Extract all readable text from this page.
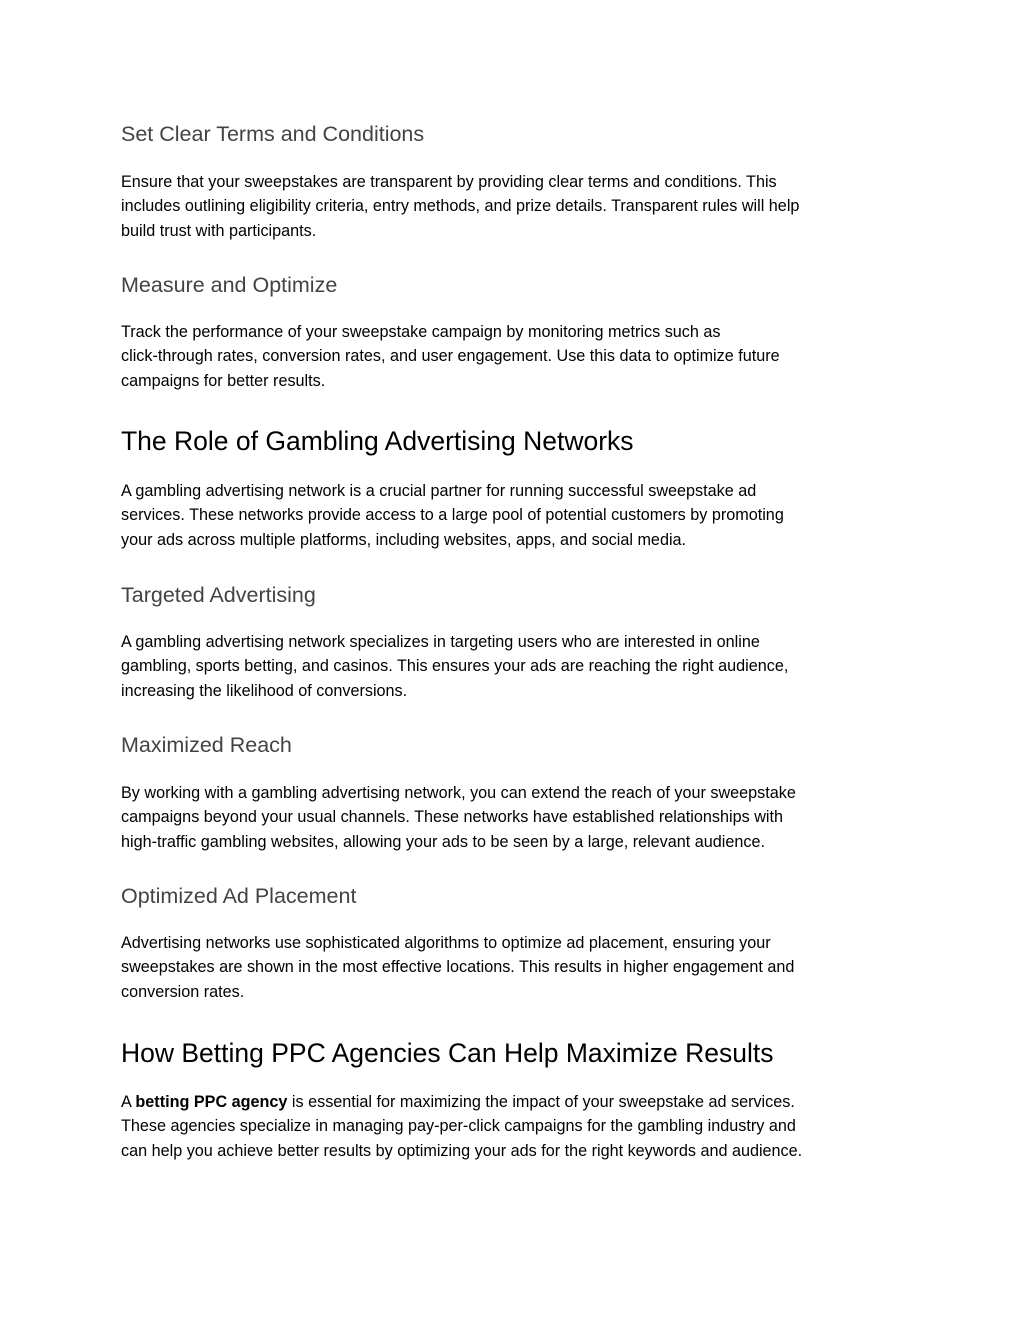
Set Clear Terms and Conditions

Ensure that your sweepstakes are transparent by providing clear terms and conditions. This
includes outlining eligibility criteria, entry methods, and prize details. Transparent rules will help
build trust with participants.

Measure and Optimize

Track the performance of your sweepstake campaign by monitoring metrics such as
click-through rates, conversion rates, and user engagement. Use this data to optimize future
campaigns for better results.

The Role of Gambling Advertising Networks

A gambling advertising network is a crucial partner for running successful sweepstake ad
services. These networks provide access to a large pool of potential customers by promoting
your ads across multiple platforms, including websites, apps, and social media.

Targeted Advertising

A gambling advertising network specializes in targeting users who are interested in online
gambling, sports betting, and casinos. This ensures your ads are reaching the right audience,
increasing the likelihood of conversions.

Maximized Reach

By working with a gambling advertising network, you can extend the reach of your sweepstake
campaigns beyond your usual channels. These networks have established relationships with
high-traffic gambling websites, allowing your ads to be seen by a large, relevant audience.

Optimized Ad Placement

Advertising networks use sophisticated algorithms to optimize ad placement, ensuring your
sweepstakes are shown in the most effective locations. This results in higher engagement and
conversion rates.

How Betting PPC Agencies Can Help Maximize Results

A betting PPC agency is essential for maximizing the impact of your sweepstake ad services.
These agencies specialize in managing pay-per-click campaigns for the gambling industry and
can help you achieve better results by optimizing your ads for the right keywords and audience.
